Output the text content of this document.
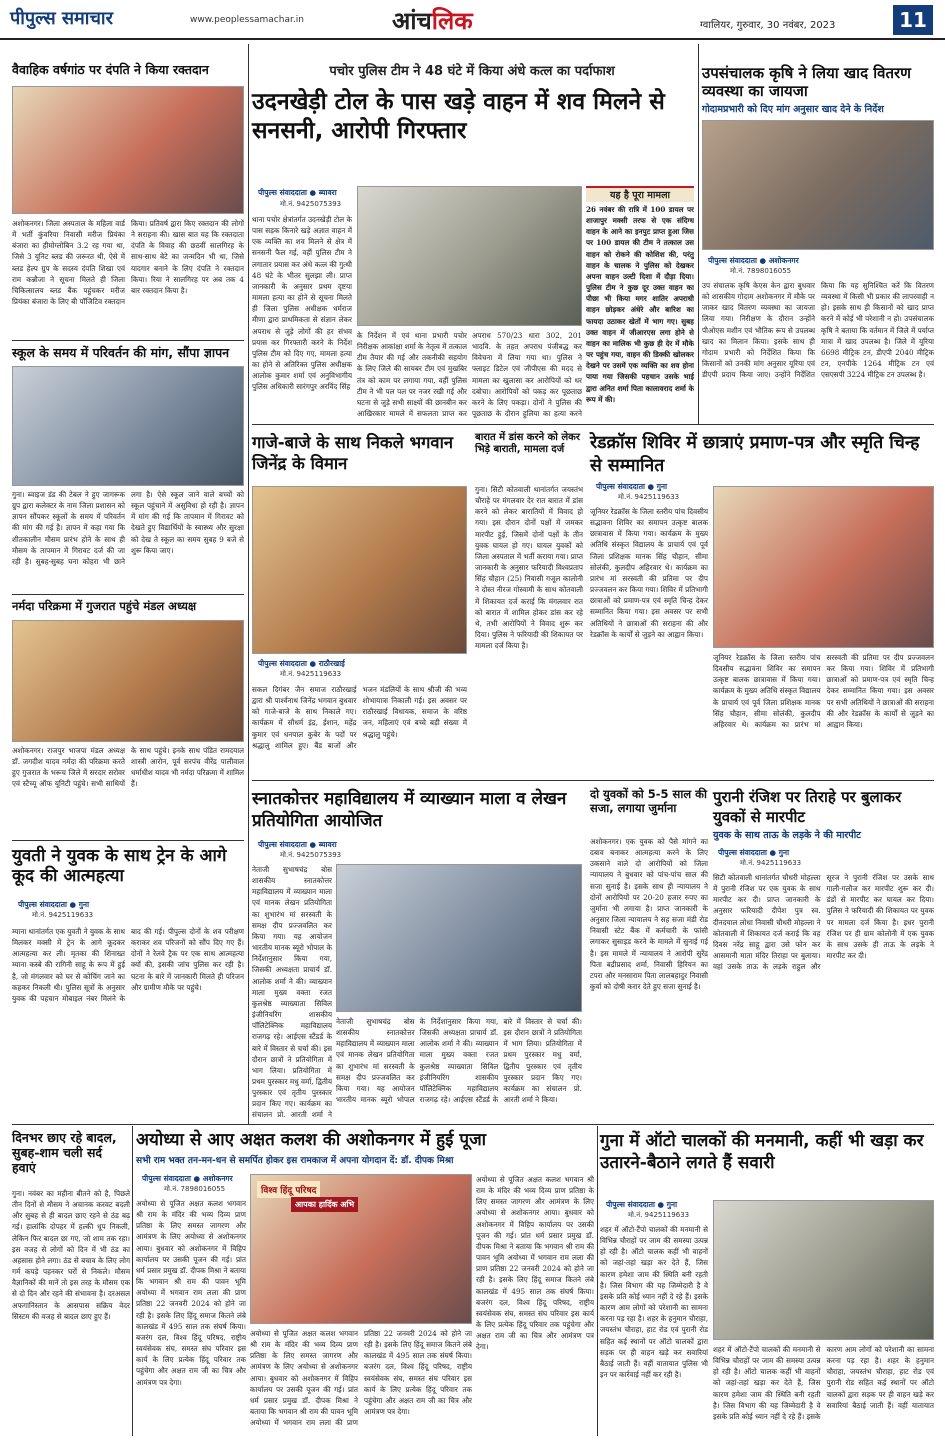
पीपुल्स समाचार	www.peoplessamachar.in	आंचलिक	ग्वालियर, गुरुवार, 30 नवंबर, 2023	11
वैवाहिक वर्षगांठ पर दंपति ने किया रक्तदान
अशोकनगर। जिला अस्पताल के महिला वार्ड में भर्ती कुंवरिया निवासी मरीज प्रियंका बंजारा का हीमोग्लोबिन 3.2 रह गया था, जिसे 3 यूनिट ब्लड की जरूरत थी, ऐसे में ब्लड हेल्प ग्रुप के सदस्य दंपति शिखा एवं राम कन्नौजा ने सूचना मिलते ही जिला चिकित्सालय ब्लड बैंक पहुंचकर मरीज प्रियंका बंजारा के लिए बी पॉजिटिव रक्तदान किया। प्रतिवर्ष द्वारा किए रक्तदान की लोगों ने सराहना की। खास बात यह कि रक्तदाता दंपति के विवाह की छठवीं सालगिरह के साथ-साथ बेटे का जन्मदिन भी था, जिसे यादगार बनाने के लिए दंपति ने रक्तदान किया। रिया ने सालगिरह पर अब तक 4 बार रक्तदान किया है।
स्कूल के समय में परिवर्तन की मांग, सौंपा ज्ञापन
गुना। ब्वाइज डंड की टेबल ने हुए जागरूक ग्रुप द्वारा कलेक्टर के नाम जिला प्रशासन को ज्ञापन सौंपकर स्कूलों के समय में परिवर्तन की मांग की गई है। ज्ञापन में कहा गया कि शीतकालीन मौसम प्रारंभ होने के साथ ही मौसम के तापमान में गिरावट दर्ज की जा रही है। सुबह-सुबह घना कोहरा भी छाने लगा है। ऐसे स्कूल जाने वाले बच्चों को स्कूल पहुंचाने में असुविधा हो रही है। ज्ञापन में मांग की गई कि तापमान में गिरावट को देखते हुए विद्यार्थियों के स्वास्थ्य और सुरक्षा को देख ते स्कूल का समय सुबह 9 बजे से शुरू किया जाए।
नर्मदा परिक्रमा में गुजरात पहुंचे मंडल अध्यक्ष
अशोकनगर। राजपुर भाजपा मंडल अध्यक्ष डॉ. जगदीश यादव नर्मदा की परिक्रमा करते हुए गुजरात के भरूच जिले में सरदार सरोवर एवं स्टैच्यू ऑफ यूनिटी पहुंचे। सभी साथियों के साथ पहुंचे। इनके साथ पंडित रामदयाल शास्त्री आरोन, पूर्व सरपंच वीरेंद्र पालीवाल धर्माधीश यादव भी नर्मदा परिक्रमा में शामिल हैं।
युवती ने युवक के साथ ट्रेन के आगे कूद की आत्महत्या
पीपुल्स संवाददाता ● गुना
मो.नं. 9425119633
म्याना थानांतर्गत एक युवती ने युवक के साथ मिलकर मक्सी में ट्रेन के आगे कूदकर आत्महत्या कर ली। मृतका की शिनाख्त म्याना कस्बे की रागिनी साहू के रूप में हुई है, जो मंगलवार को घर से कोचिंग जाने का कहकर निकली थी। पुलिस सूत्रों के अनुसार युवक की पहचान मोबाइल नंबर मिलने के बाद की गई। पीपुल्स दोनों के शव परीक्षण कराकर शव परिजनों को सौंप दिए गए हैं। दोनों ने रेलवे ट्रैक पर एक साथ आत्महत्या क्यों की, इसकी जांच पुलिस कर रही है। घटना के बारे में जानकारी मिलते ही परिजन और ग्रामीण मौके पर पहुंचे।
दिनभर छाए रहे बादल, सुबह-शाम चली सर्द हवाएं
गुना। नवंबर का महीना बीतने को है, पिछले तीन दिनों से मौसम ने अचानक करवट बदली और सुबह से ही बादल छाए रहने से ठंड बढ़ गई। हालांकि दोपहर में हल्की धूप निकली, लेकिन फिर बादल छा गए, जो शाम तक रहा। इस वजह से लोगों को दिन में भी ठंड का अहसास होने लगा। ठंड से बचाव के लिए लोग गर्म कपड़े पहनकर घरों से निकले। मौसम वैज्ञानिकों की मानें तो इस तरह के मौसम एक से दो दिन और रहने की संभावना है। दरअसल अफगानिस्तान के आसपास सक्रिय वेदर सिस्टम की वजह से बादल छाए हुए हैं।
पचोर पुलिस टीम ने 48 घंटे में किया अंधे कत्ल का पर्दाफाश
उदनखेड़ी टोल के पास खड़े वाहन में शव मिलने से सनसनी, आरोपी गिरफ्तार
पीपुल्स संवाददाता ● ब्यावरा
मो.नं. 9425075393
थाना पचोर क्षेत्रांतर्गत उदनखेड़ी टोल के पास सड़क किनारे खड़े अज्ञात वाहन में एक व्यक्ति का शव मिलने से क्षेत्र में सनसनी फैल गई, वहीं पुलिस टीम ने लगातार प्रयास कर अंधे कत्ल की गुत्थी 48 घंटे के भीतर सुलझा ली। प्राप्त जानकारी के अनुसार प्रथम दृष्टया मामला हत्या का होने से सूचना मिलते ही जिला पुलिस अधीक्षक धर्मराज मीणा द्वारा प्राथमिकता से संज्ञान लेकर अपराध से जुड़े लोगों की हर संभव प्रयास कर गिरफ्तारी करने के निर्देश पुलिस टीम को दिए गए, मामला हत्या का होने से अतिरिक्त पुलिस अधीक्षक आलोक कुमार शर्मा एवं अनुविभागीय पुलिस अधिकारी सारंगपुर अरविंद सिंह
के निर्देशन में एवं थाना प्रभारी पचोर निरीक्षक आकांक्षा शर्मा के नेतृत्व में तत्काल टीम तैयार की गई और तकनीकी सहयोग के लिए जिले की सायबर टीम एवं मुखबिर तंत्र को काम पर लगाया गया, वहीं पुलिस टीम ने भी पल पल पर नजर रखी गई और घटना से जुड़े सभी साक्ष्यों की छानबीन कर आखिरकार मामले में सफलता प्राप्त कर
अपराध 570/23 धारा 302, 201 भादवि. के तहत अपराध पंजीबद्ध कर विवेचना में लिया गया था। पुलिस ने फ्लाइट डिटेल एवं जीपीएस की मदद से मामला का खुलासा कर आरोपियों को धर दबोचा। आरोपियों को पकड़ कर पूछताछ करने के लिए पकड़ा। दोनों ने पुलिस की पूछताछ के दौरान हुलिया का हत्या करने
यह है पूरा मामला
26 नवंबर की रात्रि में 100 डायल पर शाजापुर मक्सी तरफ से एक संदिग्ध वाहन के आने का इनपुट प्राप्त हुआ जिस पर 100 डायल की टीम ने तत्काल उस वाहन को रोकने की कोशिश की, परंतु वाहन के चालक ने पुलिस को देखकर अपना वाहन उल्टी दिशा में दौड़ा दिया। पुलिस टीम ने कुछ दूर उक्त वाहन का पीछा भी किया मगर शातिर अपराधी वाहन छोड़कर अंधेरे और बारिश का फायदा उठाकर खेतों में भाग गए। सुबह उक्त वाहन में जीआरएस लगा होने से वाहन का मालिक भी कुछ ही देर में मौके पर पहुंच गया, वाहन की डिक्की खोलकर देखने पर उसमें एक व्यक्ति का शव होना पाया गया जिसकी पहचान उसके भाई द्वारा अनित शर्मा पिता कालावराद शर्मा के रूप में की।
उपसंचालक कृषि ने लिया खाद वितरण व्यवस्था का जायजा
गोदामप्रभारी को दिए मांग अनुसार खाद देने के निर्देश
पीपुल्स संवाददाता ● अशोकनगर
मो.नं. 7898016055
उप संचालक कृषि केएस केन द्वारा बुधवार को शासकीय गोदाम अशोकनगर में मौके पर जाकर खाद वितरण व्यवस्था का जायजा लिया गया। निरीक्षण के दौरान उन्होंने पीओएस मशीन एवं भौतिक रूप से उपलब्ध खाद का मिलान किया। इसके साथ ही गोदाम प्रभारी को निर्देशित किया कि किसानों को उनकी मांग अनुसार यूरिया एवं डीएपी प्रदाय किया जाए। उन्होंने निर्देशित किया कि यह सुनिश्चित करें कि वितरण व्यवस्था में किसी भी प्रकार की लापरवाही न हो। इसके साथ ही किसानों को खाद प्राप्त करने में कोई भी परेशानी न हो। उपसंचालक कृषि ने बताया कि वर्तमान में जिले में पर्याप्त मात्रा में खाद उपलब्ध है। जिले में यूरिया 6698 मीट्रिक टन, डीएपी 2040 मीट्रिक टन, एनपीके 1264 मीट्रिक टन एवं एसएसपी 3224 मीट्रिक टन उपलब्ध है।
गाजे-बाजे के साथ निकले भगवान जिनेंद्र के विमान
पीपुल्स संवाददाता ● राठौरखाई
मो.नं. 9425119633
सकल दिगंबर जैन समाज राठौरखाई द्वारा श्री पार्श्वनाथ जिनेंद्र भगवान बुधवार को गाजे-बाजे के साथ निकाले गए। कार्यक्रम में सौधर्म इंद्र, ईशान, महेंद्र कुमार एवं धनपाल कुबेर के पदों पर श्रद्धालु शामिल हुए। बैंड बाजों और भजन मंडलियों के साथ श्रीजी की भव्य शोभायात्रा निकाली गई। इस अवसर पर राठौरखाई विधायक, समाज के वरिष्ठ जन, महिलाएं एवं बच्चे बड़ी संख्या में श्रद्धालु पहुंचे।
बारात में डांस करने को लेकर भिड़े बाराती, मामला दर्ज
गुना। सिटी कोतवाली थानांतर्गत जयस्तंभ चौराहे पर मंगलवार देर रात बारात में डांस करने को लेकर बारातियों में विवाद हो गया। इस दौरान दोनों पक्षों में जमकर मारपीट हुई, जिसमें दोनों पक्षों के तीन युवक घायल हो गए। घायल युवकों को जिला अस्पताल में भर्ती कराया गया। प्राप्त जानकारी के अनुसार फरियादी विश्वप्रताप सिंह चौहान (25) निवासी गजूल कालोनी ने दोस्त नीरज गोस्वामी के साथ कोतवाली में शिकायत दर्ज कराई कि मंगलवार रात को बारात में शामिल होकर डांस कर रहे थे, तभी आरोपियों ने विवाद शुरू कर दिया। पुलिस ने फरियादी की शिकायत पर मामला दर्ज किया है।
रेडक्रॉस शिविर में छात्राएं प्रमाण-पत्र और स्मृति चिन्ह से सम्मानित
पीपुल्स संवाददाता ● गुना
मो.नं. 9425119633
जूनियर रेडक्रॉस के जिला स्तरीय पांच दिवसीय सद्भावना शिविर का समापन उत्कृष्ट बालक छात्रावास में किया गया। कार्यक्रम के मुख्य अतिथि संस्कृत विद्यालय के प्राचार्य एवं पूर्व जिला प्रशिक्षक मानक सिंह चौहान, सीमा सोलंकी, कुलदीप अहिरवार थे। कार्यक्रम का प्रारंभ मां सरस्वती की प्रतिमा पर दीप प्रज्जवलन कर किया गया। शिविर में प्रतिभागी छात्राओं को प्रमाण-पत्र एवं स्मृति चिन्ह देकर सम्मानित किया गया। इस अवसर पर सभी अतिथियों ने छात्राओं की सराहना की और रेडक्रॉस के कार्यों से जुड़ने का आह्वान किया।
जूनियर रेडक्रॉस के जिला स्तरीय पांच दिवसीय सद्भावना शिविर का समापन उत्कृष्ट बालक छात्रावास में किया गया। कार्यक्रम के मुख्य अतिथि संस्कृत विद्यालय के प्राचार्य एवं पूर्व जिला प्रशिक्षक मानक सिंह चौहान, सीमा सोलंकी, कुलदीप अहिरवार थे। कार्यक्रम का प्रारंभ मां सरस्वती की प्रतिमा पर दीप प्रज्जवलन कर किया गया। शिविर में प्रतिभागी छात्राओं को प्रमाण-पत्र एवं स्मृति चिन्ह देकर सम्मानित किया गया। इस अवसर पर सभी अतिथियों ने छात्राओं की सराहना की और रेडक्रॉस के कार्यों से जुड़ने का आह्वान किया।
स्नातकोत्तर महाविद्यालय में व्याख्यान माला व लेखन प्रतियोगिता आयोजित
पीपुल्स संवाददाता ● ब्यावरा
मो.नं. 9425075393
नेताजी सुभाषचंद्र बोस शासकीय स्नातकोत्तर महाविद्यालय में व्याख्यान माला एवं मानक लेखन प्रतियोगिता का शुभारंभ मां सरस्वती के समक्ष दीप प्रज्जवलित कर किया गया। यह आयोजन भारतीय मानक ब्यूरो भोपाल के निर्देशानुसार किया गया, जिसकी अध्यक्षता प्राचार्य डॉ. आलोक शर्मा ने की। व्याख्यान माला मुख्य वक्ता रजत कुलश्रेष्ठ व्याख्याता सिविल इंजीनियरिंग शासकीय पॉलिटेक्निक महाविद्यालय राजगढ़ रहे। आईएस स्टैंडर्ड के बारे में विस्तार से चर्चा की। इस दौरान छात्रों ने प्रतियोगिता में भाग लिया। प्रतियोगिता में प्रथम पुरस्कार मधु वर्मा, द्वितीय पुरस्कार एवं तृतीय पुरस्कार प्रदान किए गए। कार्यक्रम का संचालन प्रो. आरती शर्मा ने
नेताजी सुभाषचंद्र बोस शासकीय स्नातकोत्तर महाविद्यालय में व्याख्यान माला एवं मानक लेखन प्रतियोगिता का शुभारंभ मां सरस्वती के समक्ष दीप प्रज्जवलित कर किया गया। यह आयोजन भारतीय मानक ब्यूरो भोपाल के निर्देशानुसार किया गया, जिसकी अध्यक्षता प्राचार्य डॉ. आलोक शर्मा ने की। व्याख्यान माला मुख्य वक्ता रजत कुलश्रेष्ठ व्याख्याता सिविल इंजीनियरिंग शासकीय पॉलिटेक्निक महाविद्यालय राजगढ़ रहे। आईएस स्टैंडर्ड के बारे में विस्तार से चर्चा की। इस दौरान छात्रों ने प्रतियोगिता में भाग लिया। प्रतियोगिता में प्रथम पुरस्कार मधु वर्मा, द्वितीय पुरस्कार एवं तृतीय पुरस्कार प्रदान किए गए। कार्यक्रम का संचालन प्रो. आरती शर्मा ने किया।
दो युवकों को 5-5 साल की सजा, लगाया जुर्माना
अशोकनगर। एक युवक को पैसे मांगने का दबाव बनाकर आत्महत्या करने के लिए उकसाने वाले दो आरोपियों को जिला न्यायालय ने बुधवार को पांच-पांच साल की सजा सुनाई है। इसके साथ ही न्यायालय ने दोनों आरोपियों पर 20-20 हजार रुपए का जुर्माना भी लगाया है। प्राप्त जानकारी के अनुसार जिला न्यायालय ने सह सजा मंडी रोड निवासी स्टेट बैंक में कर्मचारी के फांसी लगाकर सुसाइड करने के मामले में सुनाई गई है। इस मामले में न्यायालय ने आरोपी सुरेंद्र पिता बद्रीप्रसाद शर्मा, निवासी हिरियन का टपरा और मनसाराम पिता लालबहादुर निवासी कुर्वा को दोषी करार देते हुए सजा सुनाई है।
पुरानी रंजिश पर तिराहे पर बुलाकर युवकों से मारपीट
युवक के साथ ताऊ के लड़के ने की मारपीट
पीपुल्स संवाददाता ● गुना
मो.नं. 9425119633
सिटी कोतवाली थानांतर्गत चौधरी मोहल्ला में पुरानी रंजिश पर एक युवक के साथ मारपीट कर दी। प्राप्त जानकारी के अनुसार फरियादी दीपेश पुत्र स्व. दीनदयाल लोधा निवासी चौधरी मोहल्ला ने कोतवाली में शिकायत दर्ज कराई कि वह दिवस नरेंद्र साहू द्वारा उसे फोन कर आसमानी माता मंदिर तिराहा पर बुलाया। वहां उसके ताऊ के लड़के राहुल और सूरज ने पुरानी रंजिश पर उसके साथ गाली-गलौज कर मारपीट शुरू कर दी। डंडों से मारपीट कर घायल कर दिया। पुलिस ने फरियादी की शिकायत पर युवक पर मामला दर्ज किया है। इधर पुरानी रंजिश पर ही ग्राम कोलोनी में एक युवक के साथ उसके ही ताऊ के लड़के ने मारपीट कर दी।
अयोध्या से आए अक्षत कलश की अशोकनगर में हुई पूजा
सभी राम भक्त तन-मन-धन से समर्पित होकर इस रामकाज में अपना योगदान दें: डॉ. दीपक मिश्रा
पीपुल्स संवाददाता ● अशोकनगर
मो.नं. 7898016055
अयोध्या से पूजित अक्षत कलश भगवान श्री राम के मंदिर की भव्य दिव्य प्राण प्रतिष्ठा के लिए समस्त जागरण और आमंत्रण के लिए अयोध्या से अशोकनगर आया। बुधवार को अशोकनगर में विहिप कार्यालय पर उसकी पूजन की गई। प्रांत धर्म प्रसार प्रमुख डॉ. दीपक मिश्रा ने बताया कि भगवान श्री राम की पावन भूमि अयोध्या में भगवान राम लला की प्राण प्रतिष्ठा 22 जनवरी 2024 को होने जा रही है। इसके लिए हिंदू समाज कितने लंबे कालखंड में 495 साल तक संघर्ष किया। बजरंग दल, विश्व हिंदू परिषद, राष्ट्रीय स्वयंसेवक संघ, समस्त संघ परिवार इस कार्य के लिए प्रत्येक हिंदू परिवार तक पहुंचेगा और अक्षत राम जी का चित्र और आमंत्रण पत्र देगा।
विश्व हिंदू परिषद
आपका हार्दिक अभि
अयोध्या से पूजित अक्षत कलश भगवान श्री राम के मंदिर की भव्य दिव्य प्राण प्रतिष्ठा के लिए समस्त जागरण और आमंत्रण के लिए अयोध्या से अशोकनगर आया। बुधवार को अशोकनगर में विहिप कार्यालय पर उसकी पूजन की गई। प्रांत धर्म प्रसार प्रमुख डॉ. दीपक मिश्रा ने बताया कि भगवान श्री राम की पावन भूमि अयोध्या में भगवान राम लला की प्राण प्रतिष्ठा 22 जनवरी 2024 को होने जा रही है। इसके लिए हिंदू समाज कितने लंबे कालखंड में 495 साल तक संघर्ष किया। बजरंग दल, विश्व हिंदू परिषद, राष्ट्रीय स्वयंसेवक संघ, समस्त संघ परिवार इस कार्य के लिए प्रत्येक हिंदू परिवार तक पहुंचेगा और अक्षत राम जी का चित्र और आमंत्रण पत्र देगा।
अयोध्या से पूजित अक्षत कलश भगवान श्री राम के मंदिर की भव्य दिव्य प्राण प्रतिष्ठा के लिए समस्त जागरण और आमंत्रण के लिए अयोध्या से अशोकनगर आया। बुधवार को अशोकनगर में विहिप कार्यालय पर उसकी पूजन की गई। प्रांत धर्म प्रसार प्रमुख डॉ. दीपक मिश्रा ने बताया कि भगवान श्री राम की पावन भूमि अयोध्या में भगवान राम लला की प्राण प्रतिष्ठा 22 जनवरी 2024 को होने जा रही है। इसके लिए हिंदू समाज कितने लंबे कालखंड में 495 साल तक संघर्ष किया। बजरंग दल, विश्व हिंदू परिषद, राष्ट्रीय स्वयंसेवक संघ, समस्त संघ परिवार इस कार्य के लिए प्रत्येक हिंदू परिवार तक पहुंचेगा और अक्षत राम जी का चित्र और आमंत्रण पत्र देगा।
गुना में ऑटो चालकों की मनमानी, कहीं भी खड़ा कर उतारने-बैठाने लगते हैं सवारी
पीपुल्स संवाददाता ● गुना
मो.नं. 9425119633
शहर में ऑटो-टैंपो चालकों की मनमानी से विभिन्न चौराहों पर जाम की समस्या उत्पन्न हो रही है। ऑटो चालक कहीं भी वाहनों को जहां-तहां खड़ा कर देते हैं, जिस कारण हमेशा जाम की स्थिति बनी रहती है। जिस विभाग की यह जिम्मेदारी है वे इसके प्रति कोई ध्यान नहीं दे रहे हैं। इसके कारण आम लोगों को परेशानी का सामना करना पड़ रहा है। शहर के हनुमान चौराहा, जयस्तंभ चौराहा, हाट रोड एवं पुरानी रोड सहित कई स्थानों पर ऑटो चालकों द्वारा सड़क पर ही वाहन खड़े कर सवारियां बैठाई जाती हैं। वहीं यातायात पुलिस भी इन पर कार्रवाई नहीं कर रही है।
शहर में ऑटो-टैंपो चालकों की मनमानी से विभिन्न चौराहों पर जाम की समस्या उत्पन्न हो रही है। ऑटो चालक कहीं भी वाहनों को जहां-तहां खड़ा कर देते हैं, जिस कारण हमेशा जाम की स्थिति बनी रहती है। जिस विभाग की यह जिम्मेदारी है वे इसके प्रति कोई ध्यान नहीं दे रहे हैं। इसके कारण आम लोगों को परेशानी का सामना करना पड़ रहा है। शहर के हनुमान चौराहा, जयस्तंभ चौराहा, हाट रोड एवं पुरानी रोड सहित कई स्थानों पर ऑटो चालकों द्वारा सड़क पर ही वाहन खड़े कर सवारियां बैठाई जाती हैं। वहीं यातायात
